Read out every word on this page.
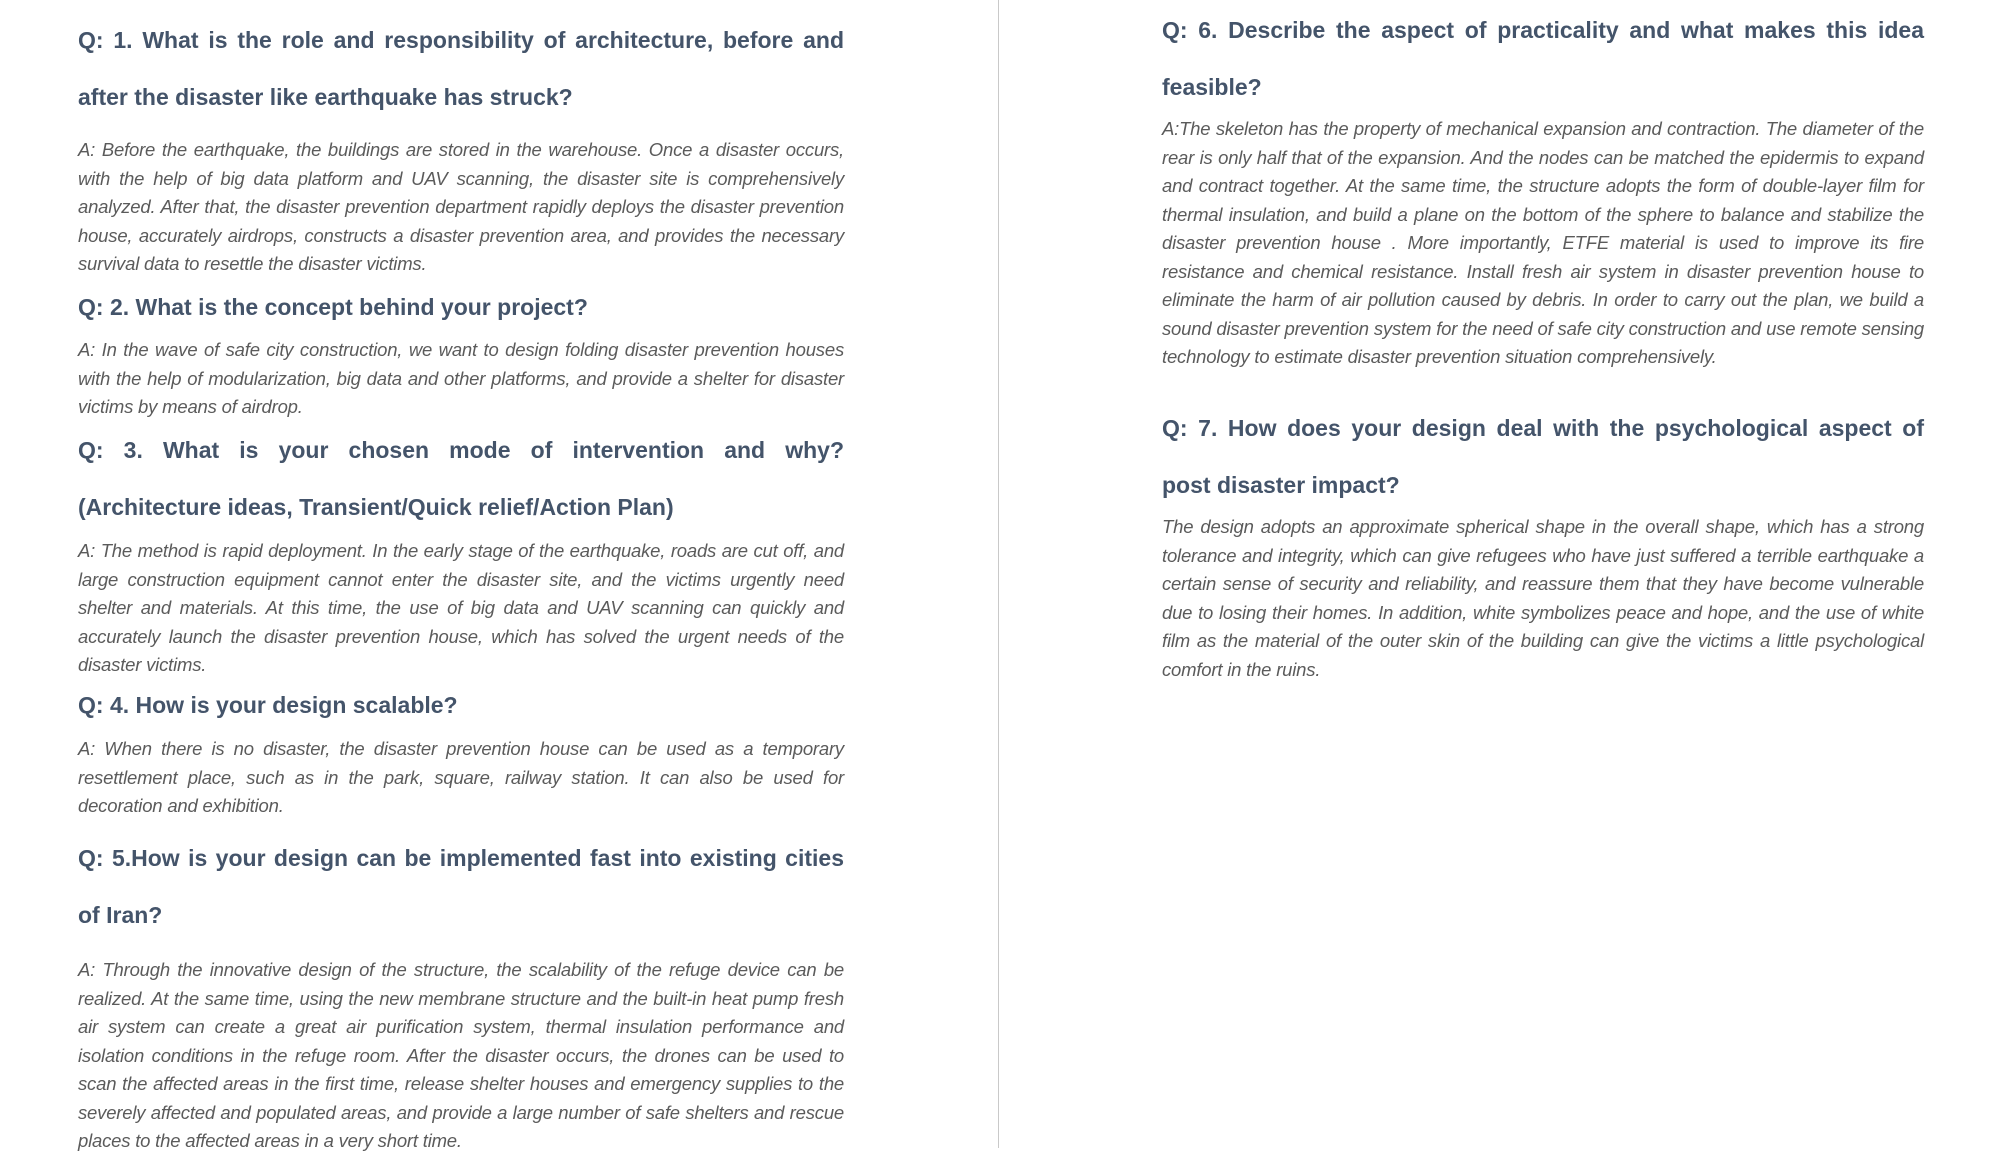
Q: 1. What is the role and responsibility of architecture, before and after the disaster like earthquake has struck?

A: Before the earthquake, the buildings are stored in the warehouse. Once a disaster occurs, with the help of big data platform and UAV scanning, the disaster site is comprehensively analyzed. After that, the disaster prevention department rapidly deploys the disaster prevention house, accurately airdrops, constructs a disaster prevention area, and provides the necessary survival data to resettle the disaster victims.

Q: 2. What is the concept behind your project?

A: In the wave of safe city construction, we want to design folding disaster prevention houses with the help of modularization, big data and other platforms, and provide a shelter for disaster victims by means of airdrop.

Q: 3. What is your chosen mode of intervention and why? (Architecture ideas, Transient/Quick relief/Action Plan)

A: The method is rapid deployment. In the early stage of the earthquake, roads are cut off, and large construction equipment cannot enter the disaster site, and the victims urgently need shelter and materials. At this time, the use of big data and UAV scanning can quickly and accurately launch the disaster prevention house, which has solved the urgent needs of the disaster victims.

Q: 4. How is your design scalable?

A: When there is no disaster, the disaster prevention house can be used as a temporary resettlement place, such as in the park, square, railway station. It can also be used for decoration and exhibition.

Q: 5.How is your design can be implemented fast into existing cities of Iran?

A: Through the innovative design of the structure, the scalability of the refuge device can be realized. At the same time, using the new membrane structure and the built-in heat pump fresh air system can create a great air purification system, thermal insulation performance and isolation conditions in the refuge room. After the disaster occurs, the drones can be used to scan the affected areas in the first time, release shelter houses and emergency supplies to the severely affected and populated areas, and provide a large number of safe shelters and rescue places to the affected areas in a very short time.

Q: 6. Describe the aspect of practicality and what makes this idea feasible?

A:The skeleton has the property of mechanical expansion and contraction. The diameter of the rear is only half that of the expansion. And the nodes can be matched the epidermis to expand and contract together. At the same time, the structure adopts the form of double-layer film for thermal insulation, and build a plane on the bottom of the sphere to balance and stabilize the disaster prevention house . More importantly, ETFE material is used to improve its fire resistance and chemical resistance. Install fresh air system in disaster prevention house to eliminate the harm of air pollution caused by debris. In order to carry out the plan, we build a sound disaster prevention system for the need of safe city construction and use remote sensing technology to estimate disaster prevention situation comprehensively.

Q: 7. How does your design deal with the psychological aspect of post disaster impact?

The design adopts an approximate spherical shape in the overall shape, which has a strong tolerance and integrity, which can give refugees who have just suffered a terrible earthquake a certain sense of security and reliability, and reassure them that they have become vulnerable due to losing their homes. In addition, white symbolizes peace and hope, and the use of white film as the material of the outer skin of the building can give the victims a little psychological comfort in the ruins.
